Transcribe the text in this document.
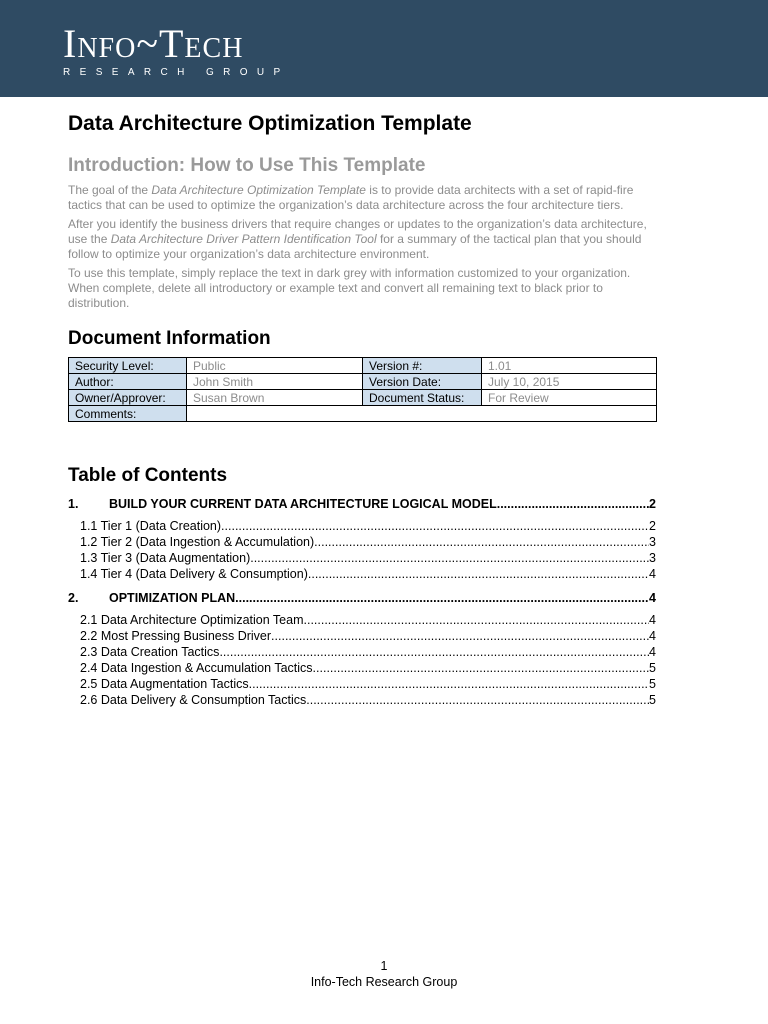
Info~Tech
RESEARCH GROUP
Data Architecture Optimization Template
Introduction: How to Use This Template

The goal of the Data Architecture Optimization Template is to provide data architects with a set of rapid-fire tactics that can be used to optimize the organization’s data architecture across the four architecture tiers.

After you identify the business drivers that require changes or updates to the organization’s data architecture, use the Data Architecture Driver Pattern Identification Tool for a summary of the tactical plan that you should follow to optimize your organization’s data architecture environment.

To use this template, simply replace the text in dark grey with information customized to your organization. When complete, delete all introductory or example text and convert all remaining text to black prior to distribution.

Document Information
Security Level:	Public	Version #:	1.01
Author:	John Smith	Version Date:	July 10, 2015
Owner/Approver:	Susan Brown	Document Status:	For Review
Comments:			
Table of Contents
1.	BUILD YOUR CURRENT DATA ARCHITECTURE LOGICAL MODEL .....	2
1.1 Tier 1 (Data Creation) .....	2
1.2 Tier 2 (Data Ingestion & Accumulation) .....	3
1.3 Tier 3 (Data Augmentation) .....	3
1.4 Tier 4 (Data Delivery & Consumption) .....	4
2.	OPTIMIZATION PLAN .....	4
2.1 Data Architecture Optimization Team .....	4
2.2 Most Pressing Business Driver .....	4
2.3 Data Creation Tactics .....	4
2.4 Data Ingestion & Accumulation Tactics .....	5
2.5 Data Augmentation Tactics .....	5
2.6 Data Delivery & Consumption Tactics .....	5
1
Info-Tech Research Group
